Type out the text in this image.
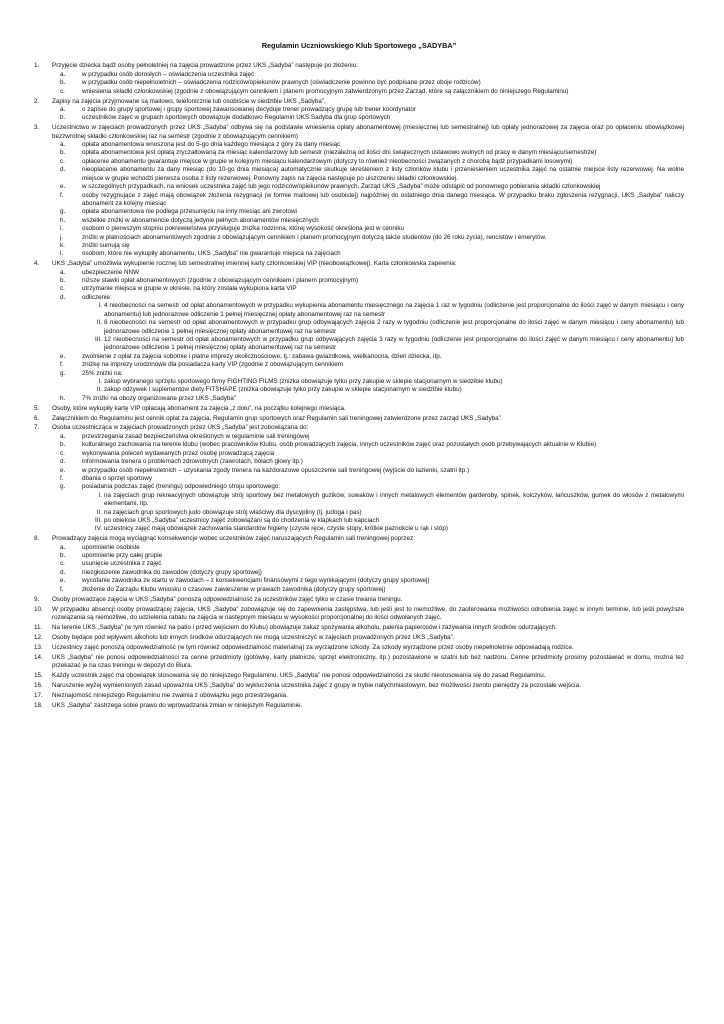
Regulamin Uczniowskiego Klub Sportowego „SADYBA”
1.	Przyjęcie dziecka bądź osoby pełnoletniej na zajęcia prowadzone przez UKS „Sadyba” następuje po złożeniu:
a.	w przypadku osób dorosłych – oświadczenia uczestnika zajęć
b.	w przypadku osób niepełnoletnich – oświadczenia rodziców/opiekunów prawnych (oświadczenie powinno być podpisane przez oboje rodziców)
c.	wniesienia składki członkowskiej (zgodnie z obowiązującym cennikiem i planem promocyjnym zatwierdzonym przez Zarząd, które są załącznikiem do niniejszego Regulaminu)
2.	Zapisy na zajęcia przyjmowane są mailowo, telefonicznie lub osobiście w siedzibie UKS „Sadyba”.
a.	o zapisie do grupy sportowej i grupy sportowej zawansowanej decyduje trener prowadzący grupę lub trener koordynator
b.	uczestników zajęć w grupach sportowych obowiązuje dodatkowo Regulamin UKS Sadyba dla grup sportowych
3.	Uczestnictwo w zajęciach prowadzonych przez UKS „Sadyba” odbywa się na podstawie wniesienia opłaty abonamentowej (miesięcznej lub semestralnej) lub opłaty jednorazowej za zajęcia oraz po opłaceniu obowiązkowej bezzwrotnej składki członkowskiej raz na semestr (zgodnie z obowiązującym cennikiem)
a.	opłata abonamentowa wnoszona jest do 5-go dnia każdego miesiąca z góry za dany miesiąc
b.	opłata abonamentowa jest opłatą zryczałtowaną za miesiąc kalendarzowy lub semestr (niezależną od ilości dni świątecznych ustawowo wolnych od pracy w danym miesiącu/semestrze)
c.	opłacenie abonamentu gwarantuje miejsce w grupie w kolejnym miesiącu kalendarzowym (dotyczy to również nieobecności związanych z chorobą bądź przypadkami losowymi)
d.	nieopłacenie abonamentu za dany miesiąc (do 10-go dnia miesiąca) automatycznie skutkuje skreśleniem z listy członków klubu i przeniesieniem uczestnika zajęć na ostatnie miejsce listy rezerwowej. Na wolne miejsce w grupie wchodzi pierwsza osoba z listy rezerwowej. Ponowny zapis na zajęcia następuje po uiszczeniu składki członkowskiej.
e.	w szczególnych przypadkach, na wniosek uczestnika zajęć lub jego rodziców/opiekunów prawnych, Zarząd UKS „Sadyba” może odstąpić od ponownego pobierania składki członkowskiej
f.	osoby rezygnujące z zajęć mają obowiązek złożenia rezygnacji (w formie mailowej lub osobistej) najpóźniej do ostatniego dnia danego miesiąca. W przypadku braku zgłoszenia rezygnacji, UKS „Sadyba” naliczy abonament za kolejny miesiąc
g.	opłata abonamentowa nie podlega przesunięciu na inny miesiąc ani zwrotowi
h.	wszelkie zniżki w abonamencie dotyczą jedynie pełnych abonamentów miesięcznych
i.	osobom o pierwszym stopniu pokrewieństwa przysługuje zniżka rodzinna, której wysokość określona jest w cenniku
j.	zniżki w płatnościach abonamentowych zgodnie z obowiązującym cennikiem i planem promocyjnym dotyczą także studentów (do 26 roku życia), rencistów i emerytów.
k.	zniżki sumują się
l.	osobom, które nie wykupiły abonamentu, UKS „Sadyba” nie gwarantuje miejsca na zajęciach
4.	UKS „Sadyba” umożliwia wykupienie rocznej lub semestralnej imiennej karty członkowskiej VIP (nieobowiązkowej). Karta członkowska zapewnia:
a.	ubezpieczenie NNW
b.	niższe stawki opłat abonamentowych (zgodnie z obowiązującym cennikiem i planem promocyjnym)
c.	utrzymanie miejsca w grupie w okresie, na który została wykupiona karta VIP
d.	odliczenie:
I. 4 nieobecności na semestr od opłat abonamentowych w przypadku wykupienia abonamentu miesięcznego na zajęcia 1 raz w tygodniu (odliczenie jest proporcjonalne do ilości zajęć w danym miesiącu i ceny abonamentu) lub jednorazowe odliczenie 1 pełnej miesięcznej opłaty abonamentowej raz na semestr
II. 8 nieobecności na semestr od opłat abonamentowych w przypadku grup odbywających zajęcia 2 razy w tygodniu (odliczenie jest proporcjonalne do ilości zajęć w danym miesiącu i ceny abonamentu) lub jednorazowe odliczenie 1 pełnej miesięcznej opłaty abonamentowej raz na semestr
III. 12 nieobecności na semestr od opłat abonamentowych w przypadku grup odbywających zajęcia 3 razy w tygodniu (odliczenie jest proporcjonalne do ilości zajęć w danym miesiącu i ceny abonamentu) lub jednorazowe odliczenie 1 pełnej miesięcznej opłaty abonamentowej raz na semestr
e.	zwolnienie z opłat za zajęcia sobotnie i płatne imprezy okolicznościowe, tj.: zabawa gwiazdkowa, wielkanocna, dzień dziecka, itp.
f.	zniżkę na imprezy urodzinowe dla posiadacza karty VIP (zgodnie z obowiązującym cennikiem
g.	25% zniżki na:
I. zakup wybranego sprzętu sportowego firmy FIGHTING FILMS (zniżka obowiązuje tylko przy zakupie w sklepie stacjonarnym w siedzibie klubu)
II. zakup odżywek i suplementów diety FITSHAPE (zniżka obowiązuje tylko przy zakupie w sklepie stacjonarnym w siedzibie klubu)
h.	7% zniżki na obozy organizowane przez UKS „Sadyba”
5.	Osoby, które wykupiły kartę VIP opłacają abonament za zajęcia „z dołu”, na początku kolejnego miesiąca.
6.	Załącznikiem do Regulaminu jest cennik opłat za zajęcia, Regulamin grup sportowych oraz Regulamin sali treningowej zatwierdzone przez zarząd UKS „Sadyba”.
7.	Osoba uczestnicząca w zajęciach prowadzonych przez UKS „Sadyba” jest zobowiązana do:
a.	przestrzegania zasad bezpieczeństwa określonych w regulaminie sali treningowej
b.	kulturalnego zachowania na terenie klubu (wobec pracowników Klubu, osób prowadzących zajęcia, innych uczestników zajęć oraz pozostałych osób przebywających aktualnie w Klubie)
c.	wykonywania poleceń wydawanych przez osobę prowadzącą zajęcia
d.	informowania trenera o problemach zdrowotnych (zawrotach, bólach głowy itp.)
e.	w przypadku osób niepełnoletnich – uzyskania zgody trenera na każdorazowe opuszczenie sali treningowej (wyjście do łazienki, szatni itp.)
f.	dbania o sprzęt sportowy
g.	posiadania podczas zajęć (treningu) odpowiedniego stroju sportowego:
I. na zajęciach grup rekreacyjnych obowiązuje strój sportowy bez metalowych guzików, suwaków i innych metalowych elementów garderoby, spinek, kolczyków, łańcuszków, gumek do włosów z metalowymi elementami, itp.
II. na zajęciach grup sportowych judo obowiązuje strój właściwy dla dyscypliny (tj. judoga i pas)
III. po obiekcie UKS „Sadyba” uczestnicy zajęć zobowiązani są do chodzenia w klapkach lub kapciach
IV. uczestnicy zajęć mają obowiązek zachowania standardów higieny (czyste ręce, czyste stopy, krótkie paznokcie u rąk i stóp)
8.	Prowadzący zajęcia mogą wyciągnąć konsekwencje wobec uczestników zajęć naruszających Regulamin sali treningowej poprzez:
a.	upomnienie osobiste
b.	upomnienie przy całej grupie
c.	usunięcie uczestnika z zajęć
d.	niezgłoszenie zawodnika do zawodów (dotyczy grupy sportowej)
e.	wycofanie zawodnika ze startu w zawodach – z konsekwencjami finansowymi z tego wynikającymi (dotyczy grupy sportowej)
f.	złożenie do Zarządu Klubu wniosku o czasowe zawieszenie w prawach zawodnika (dotyczy grupy sportowej)
9.	Osoby prowadzące zajęcia w UKS „Sadyba” ponoszą odpowiedzialność za uczestników zajęć tylko w czasie trwania treningu.
10.	W przypadku absencji osoby prowadzącej zajęcia, UKS „Sadyba” zobowiązuje się do zapewnienia zastępstwa, lub jeśli jest to niemożliwe, do zaoferowania możliwości odrobienia zajęć w innym terminie, lub jeśli powyższe rozwiązania są niemożliwe, do udzielenia rabatu na zajęcia w następnym miesiącu w wysokości proporcjonalnej do ilości odwołanych zajęć.
11.	Na terenie UKS „Sadyba” (w tym również na patio i przed wejściem do Klubu) obowiązuje zakaz spożywania alkoholu, palenia papierosów i zażywania innych środków odurzających.
12.	Osoby będące pod wpływem alkoholu lub innych środków odurzających nie mogą uczestniczyć w zajęciach prowadzonych przez UKS „Sadyba”.
13.	Uczestnicy zajęć ponoszą odpowiedzialność (w tym również odpowiedzialność materialną) za wyrządzone szkody. Za szkody wyrządzone przez osoby niepełnoletnie odpowiadają rodzice.
14.	UKS „Sadyba” nie ponosi odpowiedzialności za cenne przedmioty (gotówkę, karty płatnicze, sprzęt elektroniczny, itp.) pozostawione w szatni lub bez nadzoru. Cenne przedmioty prosimy pozostawiać w domu, można też przekazać je na czas treningu w depozyt do Biura.
15.	Każdy uczestnik zajęć ma obowiązek stosowania się do niniejszego Regulaminu. UKS „Sadyba” nie ponosi odpowiedzialności za skutki niestosowania się do zasad Regulaminu.
16.	Naruszenie wyżej wymienionych zasad upoważnia UKS „Sadyba” do wykluczenia uczestnika zajęć z grupy w trybie natychmiastowym, bez możliwości zwrotu pieniędzy za pozostałe wejścia.
17.	Nieznajomość niniejszego Regulaminu nie zwalnia z obowiązku jego przestrzegania.
18.	UKS „Sadyba” zastrzega sobie prawo do wprowadzania zmian w niniejszym Regulaminie.
